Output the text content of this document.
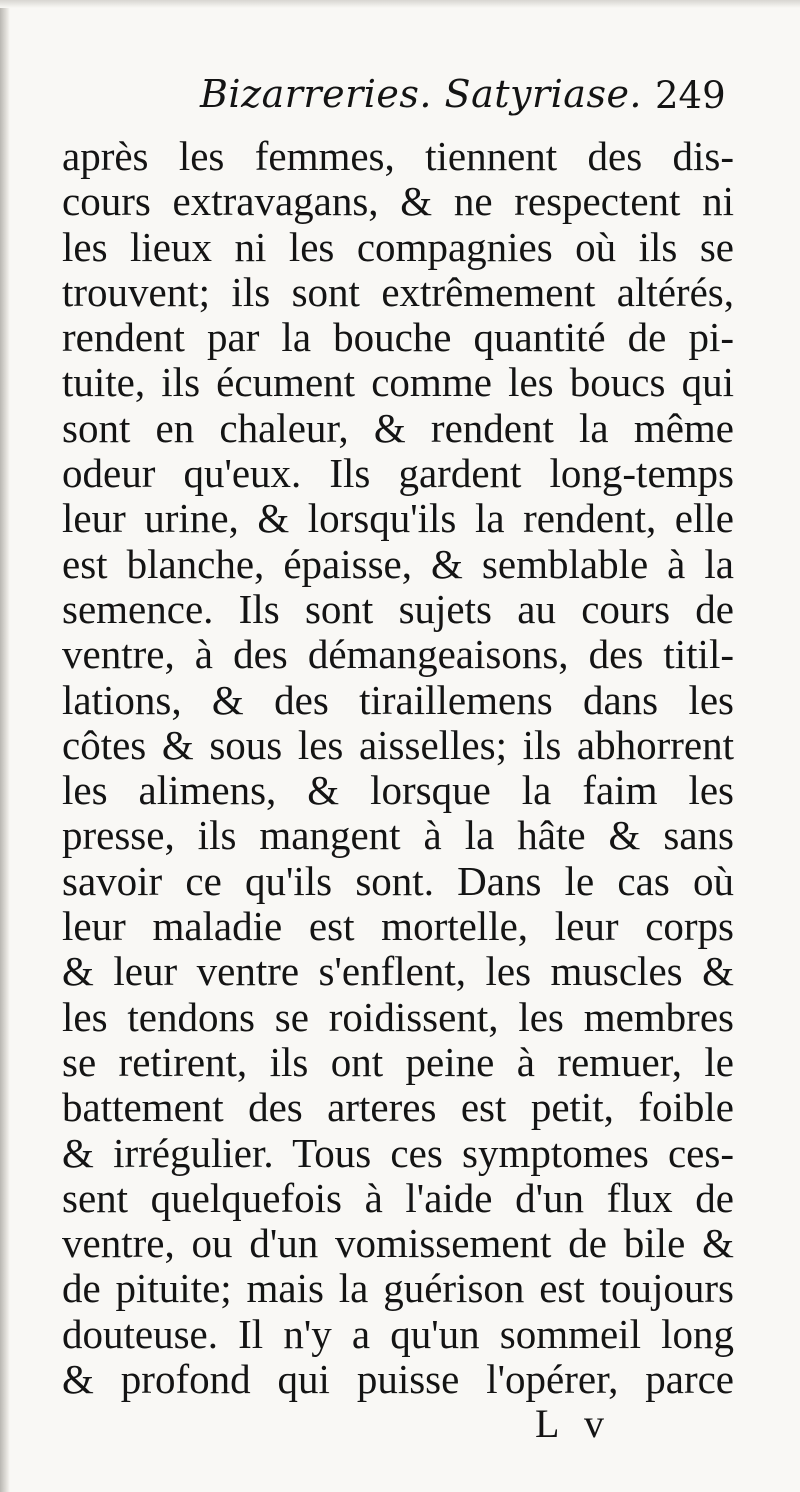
Bizarreries. Satyriase. 249
après les femmes, tiennent des dis-
cours extravagans, & ne respectent ni
les lieux ni les compagnies où ils se
trouvent; ils sont extrêmement altérés,
rendent par la bouche quantité de pi-
tuite, ils écument comme les boucs qui
sont en chaleur, & rendent la même
odeur qu'eux. Ils gardent long-temps
leur urine, & lorsqu'ils la rendent, elle
est blanche, épaisse, & semblable à la
semence. Ils sont sujets au cours de
ventre, à des démangeaisons, des titil-
lations, & des tiraillemens dans les
côtes & sous les aisselles; ils abhorrent
les alimens, & lorsque la faim les
presse, ils mangent à la hâte & sans
savoir ce qu'ils sont. Dans le cas où
leur maladie est mortelle, leur corps
& leur ventre s'enflent, les muscles &
les tendons se roidissent, les membres
se retirent, ils ont peine à remuer, le
battement des arteres est petit, foible
& irrégulier. Tous ces symptomes ces-
sent quelquefois à l'aide d'un flux de
ventre, ou d'un vomissement de bile &
de pituite; mais la guérison est toujours
douteuse. Il n'y a qu'un sommeil long
& profond qui puisse l'opérer, parce
L v
